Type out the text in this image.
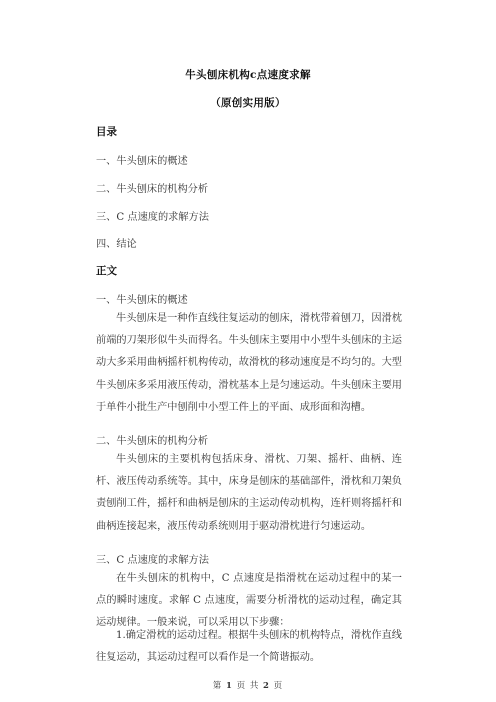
牛头刨床机构c点速度求解
（原创实用版）
目录
一、牛头刨床的概述
二、牛头刨床的机构分析
三、C 点速度的求解方法
四、结论
正文
一、牛头刨床的概述

牛头刨床是一种作直线往复运动的刨床，滑枕带着刨刀，因滑枕前端的刀架形似牛头而得名。牛头刨床主要用中小型牛头刨床的主运动大多采用曲柄摇杆机构传动，故滑枕的移动速度是不均匀的。大型牛头刨床多采用液压传动，滑枕基本上是匀速运动。牛头刨床主要用于单件小批生产中刨削中小型工件上的平面、成形面和沟槽。

二、牛头刨床的机构分析

牛头刨床的主要机构包括床身、滑枕、刀架、摇杆、曲柄、连杆、液压传动系统等。其中，床身是刨床的基础部件，滑枕和刀架负责刨削工件，摇杆和曲柄是刨床的主运动传动机构，连杆则将摇杆和曲柄连接起来，液压传动系统则用于驱动滑枕进行匀速运动。

三、C 点速度的求解方法

在牛头刨床的机构中，C 点速度是指滑枕在运动过程中的某一点的瞬时速度。求解 C 点速度，需要分析滑枕的运动过程，确定其运动规律。一般来说，可以采用以下步骤：

1.确定滑枕的运动过程。根据牛头刨床的机构特点，滑枕作直线往复运动，其运动过程可以看作是一个简谐振动。

第 1 页 共 2 页
